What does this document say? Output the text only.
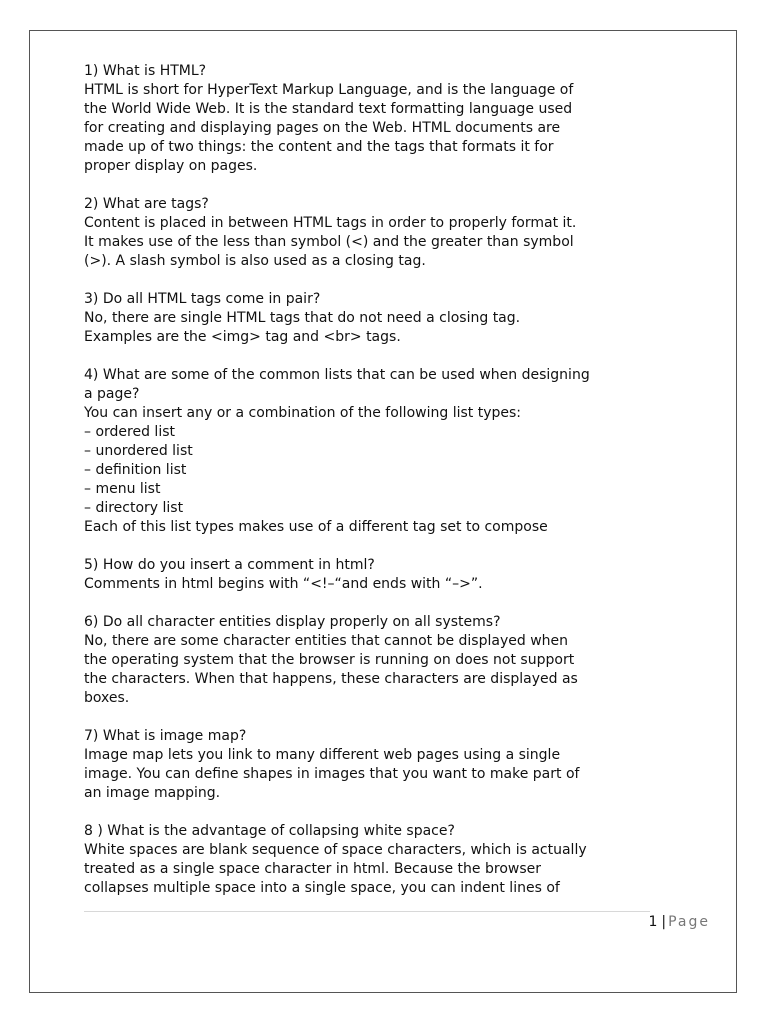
1) What is HTML?
HTML is short for HyperText Markup Language, and is the language of
the World Wide Web. It is the standard text formatting language used
for creating and displaying pages on the Web. HTML documents are
made up of two things: the content and the tags that formats it for
proper display on pages.
2) What are tags?
Content is placed in between HTML tags in order to properly format it.
It makes use of the less than symbol (<) and the greater than symbol
(>). A slash symbol is also used as a closing tag.
3) Do all HTML tags come in pair?
No, there are single HTML tags that do not need a closing tag.
Examples are the <img> tag and <br> tags.
4) What are some of the common lists that can be used when designing
a page?
You can insert any or a combination of the following list types:
– ordered list
– unordered list
– definition list
– menu list
– directory list
Each of this list types makes use of a different tag set to compose
5) How do you insert a comment in html?
Comments in html begins with “<!–“and ends with “–>”.
6) Do all character entities display properly on all systems?
No, there are some character entities that cannot be displayed when
the operating system that the browser is running on does not support
the characters. When that happens, these characters are displayed as
boxes.
7) What is image map?
Image map lets you link to many different web pages using a single
image. You can define shapes in images that you want to make part of
an image mapping.
8 ) What is the advantage of collapsing white space?
White spaces are blank sequence of space characters, which is actually
treated as a single space character in html. Because the browser
collapses multiple space into a single space, you can indent lines of
1 | Page
